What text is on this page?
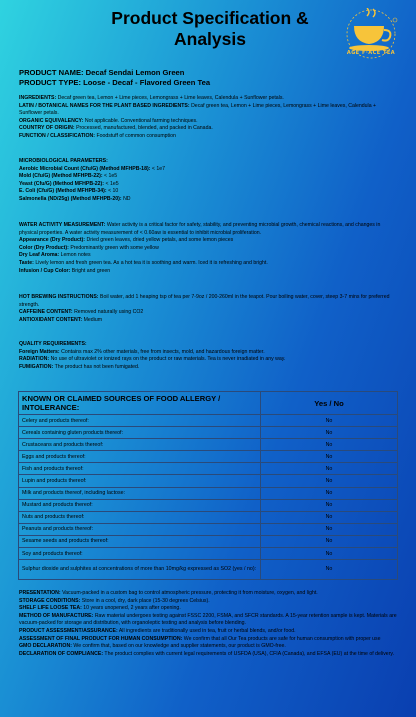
Product Specification &
Analysis
AGE F·ACE TEA

PRODUCT NAME: Decaf Sendai Lemon Green

PRODUCT TYPE: Loose - Decaf - Flavored Green Tea

INGREDIENTS: Decaf green tea, Lemon + Lime pieces, Lemongrass + Lime leaves, Calendula + Sunflower petals.

LATIN / BOTANICAL NAMES FOR THE PLANT BASED INGREDIENTS: Decaf green tea, Lemon + Lime pieces, Lemongrass + Lime leaves, Calendula + Sunflower petals.

ORGANIC EQUIVALENCY: Not applicable. Conventional farming techniques.

COUNTRY OF ORIGIN: Processed, manufactured, blended, and packed in Canada.

FUNCTION / CLASSIFICATION: Foodstuff of common consumption

MICROBIOLOGICAL PARAMETERS:

Aerobic Microbial Count (Cfu/G) (Method MFHPB-18): < 1e7

Mold (Cfu/G) (Method MFHPB-22): < 1e5

Yeast (Cfu/G) (Method MFHPB-22): < 1e5

E. Coli (Cfu/G) (Method MFHPB-34): < 10

Salmonella (ND/25g) (Method MFHPB-20): ND

WATER ACTIVITY MEASUREMENT: Water activity is a critical factor for safety, stability, and preventing microbial growth, chemical reactions, and changes in physical properties. A water activity measurement of < 0.60aw is essential to inhibit microbial proliferation.

Appearance (Dry Product): Dried green leaves, dried yellow petals, and some lemon pieces

Color (Dry Product): Predominantly green with some yellow

Dry Leaf Aroma: Lemon notes

Taste: Lively lemon and fresh green tea. As a hot tea it is soothing and warm. Iced it is refreshing and bright.

Infusion / Cup Color: Bright and green

HOT BREWING INSTRUCTIONS: Boil water, add 1 heaping tsp of tea per 7-9oz / 200-260ml in the teapot. Pour boiling water, cover, steep 3-7 mins for preferred strength.

CAFFEINE CONTENT: Removed naturally using CO2

ANTIOXIDANT CONTENT: Medium

QUALITY REQUIREMENTS:

Foreign Matters: Contains max 2% other materials, free from insects, mold, and hazardous foreign matter.

RADIATION: No use of ultraviolet or ionized rays on the product or raw materials. Tea is never irradiated in any way.

FUMIGATION: The product has not been fumigated.

KNOWN OR CLAIMED SOURCES OF FOOD ALLERGY / INTOLERANCE:	Yes / No
Celery and products thereof:	No
Cereals containing gluten products thereof:	No
Crustaceans and products thereof:	No
Eggs and products thereof:	No
Fish and products thereof:	No
Lupin and products thereof:	No
Milk and products thereof, including lactose:	No
Mustard and products thereof:	No
Nuts and products thereof:	No
Peanuts and products thereof:	No
Sesame seeds and products thereof:	No
Soy and products thereof:	No
Sulphur dioxide and sulphites at concentrations of more than 10mg/kg expressed as SO2 (yes / no):	No

PRESENTATION: Vacuum-packed in a custom bag to control atmospheric pressure, protecting it from moisture, oxygen, and light.

STORAGE CONDITIONS: Store in a cool, dry, dark place (15-30 degrees Celsius).

SHELF LIFE LOOSE TEA: 10 years unopened, 2 years after opening.

METHOD OF MANUFACTURE: Raw material undergoes testing against FSSC 2200, FSMA, and SFCR standards. A 15-year retention sample is kept. Materials are vacuum-packed for storage and distribution, with organoleptic testing and analysis before blending.

PRODUCT ASSESSMENT/ASSURANCE: All ingredients are traditionally used in tea, fruit or herbal blends, and/or food.

ASSESSMENT OF FINAL PRODUCT FOR HUMAN CONSUMPTION: We confirm that all Our Tea products are safe for human consumption with proper use

GMO DECLARATION: We confirm that, based on our knowledge and supplier statements, our product is GMO-free.

DECLARATION OF COMPLIANCE: The product complies with current legal requirements of USFDA (USA), CFIA (Canada), and EFSA (EU) at the time of delivery.
